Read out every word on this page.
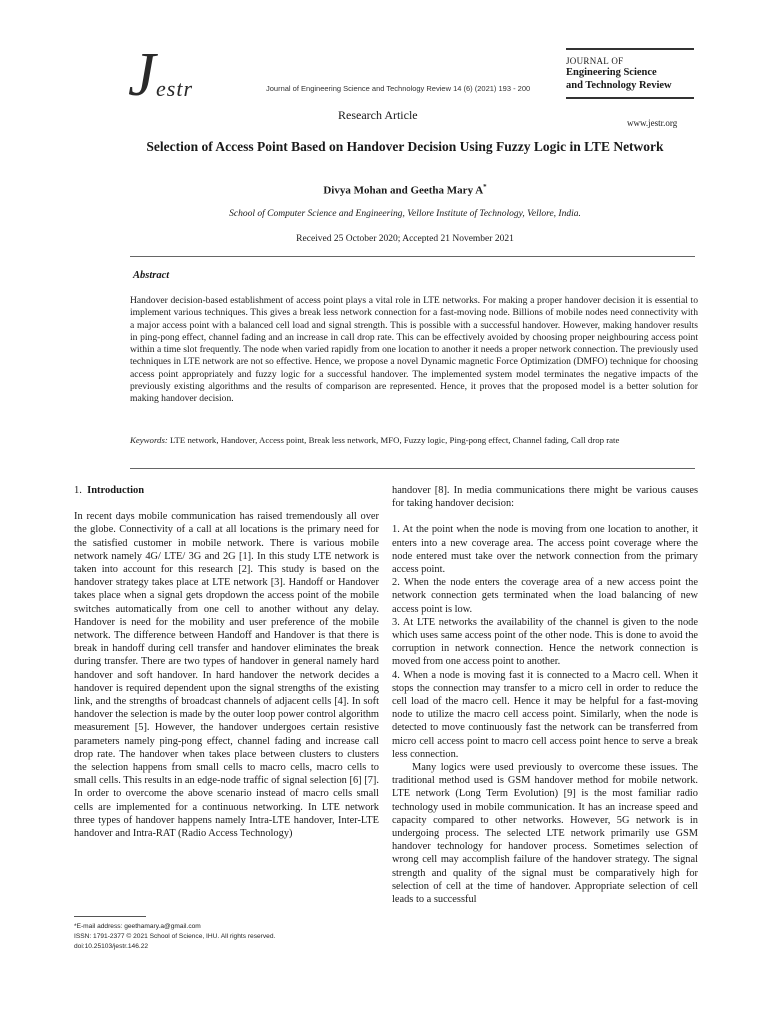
J estr	Journal of Engineering Science and Technology Review 14 (6) (2021) 193 - 200
JOURNAL OF
Engineering Science
and Technology Review
Research Article
www.jestr.org
Selection of Access Point Based on Handover Decision Using Fuzzy Logic in LTE Network
Divya Mohan and Geetha Mary A*
School of Computer Science and Engineering, Vellore Institute of Technology, Vellore, India.
Received 25 October 2020; Accepted 21 November 2021
Abstract
Handover decision-based establishment of access point plays a vital role in LTE networks. For making a proper handover decision it is essential to implement various techniques. This gives a break less network connection for a fast-moving node. Billions of mobile nodes need connectivity with a major access point with a balanced cell load and signal strength. This is possible with a successful handover. However, making handover results in ping-pong effect, channel fading and an increase in call drop rate. This can be effectively avoided by choosing proper neighbouring access point within a time slot frequently. The node when varied rapidly from one location to another it needs a proper network connection. The previously used techniques in LTE network are not so effective. Hence, we propose a novel Dynamic magnetic Force Optimization (DMFO) technique for choosing access point appropriately and fuzzy logic for a successful handover. The implemented system model terminates the negative impacts of the previously existing algorithms and the results of comparison are represented. Hence, it proves that the proposed model is a better solution for making handover decision.
Keywords: LTE network, Handover, Access point, Break less network, MFO, Fuzzy logic, Ping-pong effect, Channel fading, Call drop rate
1. Introduction

In recent days mobile communication has raised tremendously all over the globe. Connectivity of a call at all locations is the primary need for the satisfied customer in mobile network. There is various mobile network namely 4G/ LTE/ 3G and 2G [1]. In this study LTE network is taken into account for this research [2]. This study is based on the handover strategy takes place at LTE network [3]. Handoff or Handover takes place when a signal gets dropdown the access point of the mobile switches automatically from one cell to another without any delay. Handover is need for the mobility and user preference of the mobile network. The difference between Handoff and Handover is that there is break in handoff during cell transfer and handover eliminates the break during transfer. There are two types of handover in general namely hard handover and soft handover. In hard handover the network decides a handover is required dependent upon the signal strengths of the existing link, and the strengths of broadcast channels of adjacent cells [4]. In soft handover the selection is made by the outer loop power control algorithm measurement [5]. However, the handover undergoes certain resistive parameters namely ping-pong effect, channel fading and increase call drop rate. The handover when takes place between clusters to clusters the selection happens from small cells to macro cells, macro cells to small cells. This results in an edge-node traffic of signal selection [6] [7]. In order to overcome the above scenario instead of macro cells small cells are implemented for a continuous networking. In LTE network three types of handover happens namely Intra-LTE handover, Inter-LTE handover and Intra-RAT (Radio Access Technology)

handover [8]. In media communications there might be various causes for taking handover decision:

1. At the point when the node is moving from one location to another, it enters into a new coverage area. The access point coverage where the node entered must take over the network connection from the primary access point.

2. When the node enters the coverage area of a new access point the network connection gets terminated when the load balancing of new access point is low.

3. At LTE networks the availability of the channel is given to the node which uses same access point of the other node. This is done to avoid the corruption in network connection. Hence the network connection is moved from one access point to another.

4. When a node is moving fast it is connected to a Macro cell. When it stops the connection may transfer to a micro cell in order to reduce the cell load of the macro cell. Hence it may be helpful for a fast-moving node to utilize the macro cell access point. Similarly, when the node is detected to move continuously fast the network can be transferred from micro cell access point to macro cell access point hence to serve a break less connection.

Many logics were used previously to overcome these issues. The traditional method used is GSM handover method for mobile network. LTE network (Long Term Evolution) [9] is the most familiar radio technology used in mobile communication. It has an increase speed and capacity compared to other networks. However, 5G network is in undergoing process. The selected LTE network primarily use GSM handover technology for handover process. Sometimes selection of wrong cell may accomplish failure of the handover strategy. The signal strength and quality of the signal must be comparatively high for selection of cell at the time of handover. Appropriate selection of cell leads to a successful

*E-mail address: geethamary.a@gmail.com
ISSN: 1791-2377 © 2021 School of Science, IHU. All rights reserved.
doi:10.25103/jestr.146.22
